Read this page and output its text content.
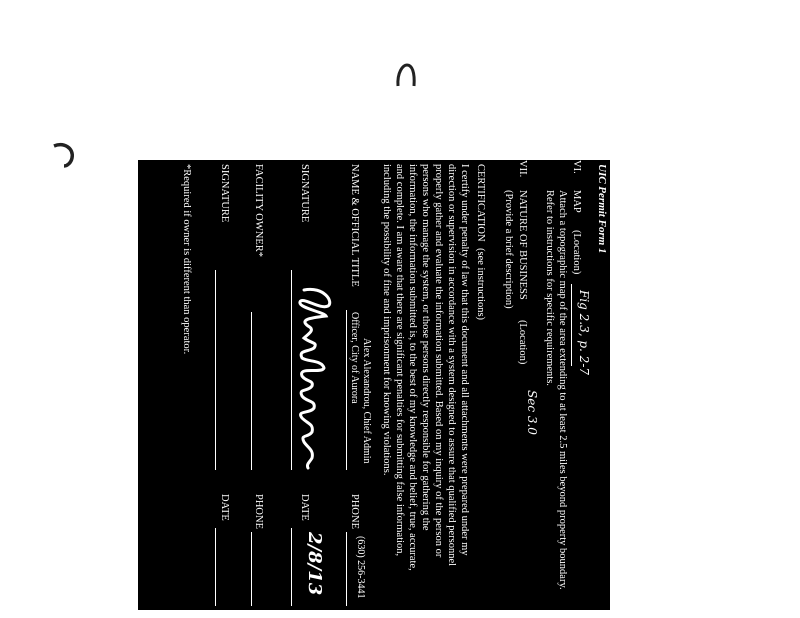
UIC Permit Form 1
VI.
MAP
(Location)
Fig 2.3, p. 2-7
Attach a topographic map of the area extending to at least 2.5 miles beyond property boundary.
Refer to instructions for specific requirements.
VII.
NATURE OF BUSINESS
(Location)
Sec 3.0
(Provide a brief description)
CERTIFICATION
(see instructions)
I certify under penalty of law that this document and all attachments were prepared under my
direction or supervision in accordance with a system designed to assure that qualified personnel
properly gather and evaluate the information submitted. Based on my inquiry of the person or
persons who manage the system, or those persons directly responsible for gathering the
information, the information submitted is, to the best of my knowledge and belief, true, accurate,
and complete. I am aware that there are significant penalties for submitting false information,
including the possibility of fine and imprisonment for knowing violations.
Alex Alexandrou, Chief Admin
NAME & OFFICIAL TITLE
Officer, City of Aurora
PHONE
(630) 256-3441
SIGNATURE
DATE
2/8/13
FACILITY OWNER*
PHONE
SIGNATURE
DATE
*Required if owner is different than operator.
